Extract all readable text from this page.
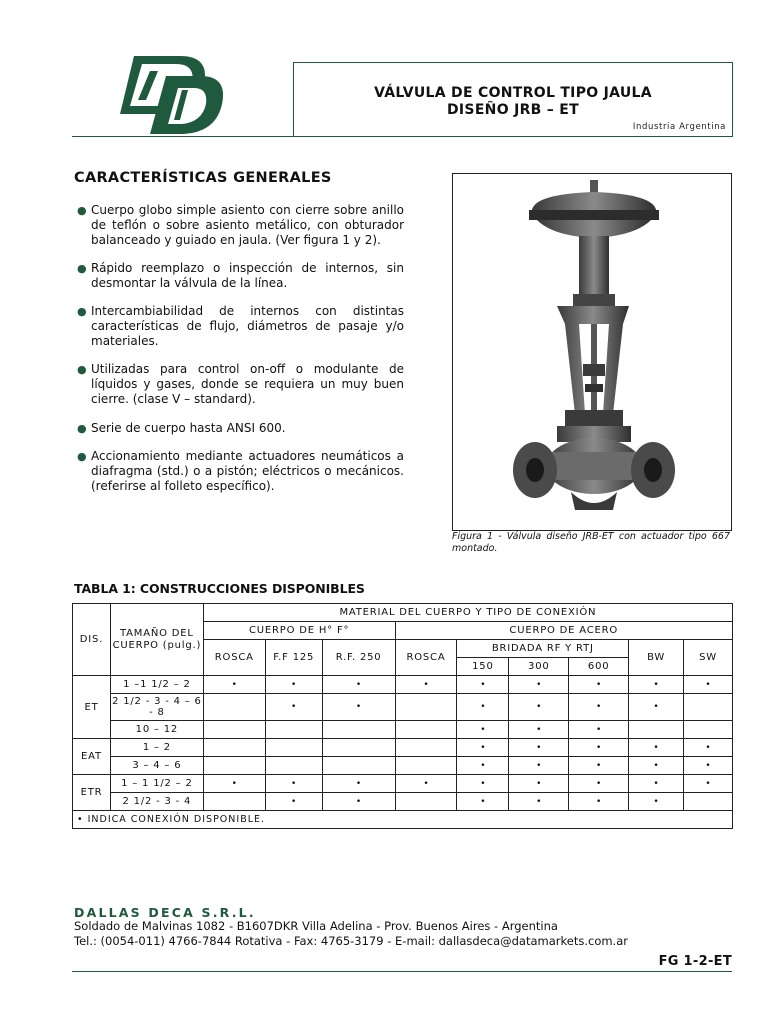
VÁLVULA DE CONTROL TIPO JAULA
DISEÑO JRB – ET
Industria Argentina
CARACTERÍSTICAS GENERALES
● Cuerpo globo simple asiento con cierre sobre anillo de teflón o sobre asiento metálico, con obturador balanceado y guiado en jaula. (Ver figura 1 y 2).
● Rápido reemplazo o inspección de internos, sin desmontar la válvula de la línea.
● Intercambiabilidad de internos con distintas características de flujo, diámetros de pasaje y/o materiales.
● Utilizadas para control on-off o modulante de líquidos y gases, donde se requiera un muy buen cierre. (clase V – standard).
● Serie de cuerpo hasta ANSI 600.
● Accionamiento mediante actuadores neumáticos a diafragma (std.) o a pistón; eléctricos o mecánicos. (referirse al folleto específico).
Figura 1 - Válvula diseño JRB-ET con actuador tipo 667 montado.
TABLA 1: CONSTRUCCIONES DISPONIBLES
DIS.	TAMAÑO DEL CUERPO (pulg.)	MATERIAL DEL CUERPO Y TIPO DE CONEXIÓN								
		CUERPO DE H° F°			CUERPO DE ACERO					
		ROSCA	F.F 125	R.F. 250	ROSCA	BRIDADA RF Y RTJ			BW	SW
						150	300	600		
ET	1 –1 1/2 – 2	•	•	•	•	•	•	•	•	•
	2 1/2 - 3 - 4 – 6 - 8		•	•		•	•	•	•	
	10 – 12					•	•	•		
EAT	1 – 2					•	•	•	•	•
	3 – 4 – 6					•	•	•	•	•
ETR	1 – 1 1/2 – 2	•	•	•	•	•	•	•	•	•
	2 1/2 - 3 - 4		•	•		•	•	•	•	
• INDICA CONEXIÓN DISPONIBLE.										
DALLAS DECA S.R.L.
Soldado de Malvinas 1082 - B1607DKR Villa Adelina - Prov. Buenos Aires - Argentina
Tel.: (0054-011) 4766-7844 Rotativa - Fax: 4765-3179 - E-mail: dallasdeca@datamarkets.com.ar
FG 1-2-ET
